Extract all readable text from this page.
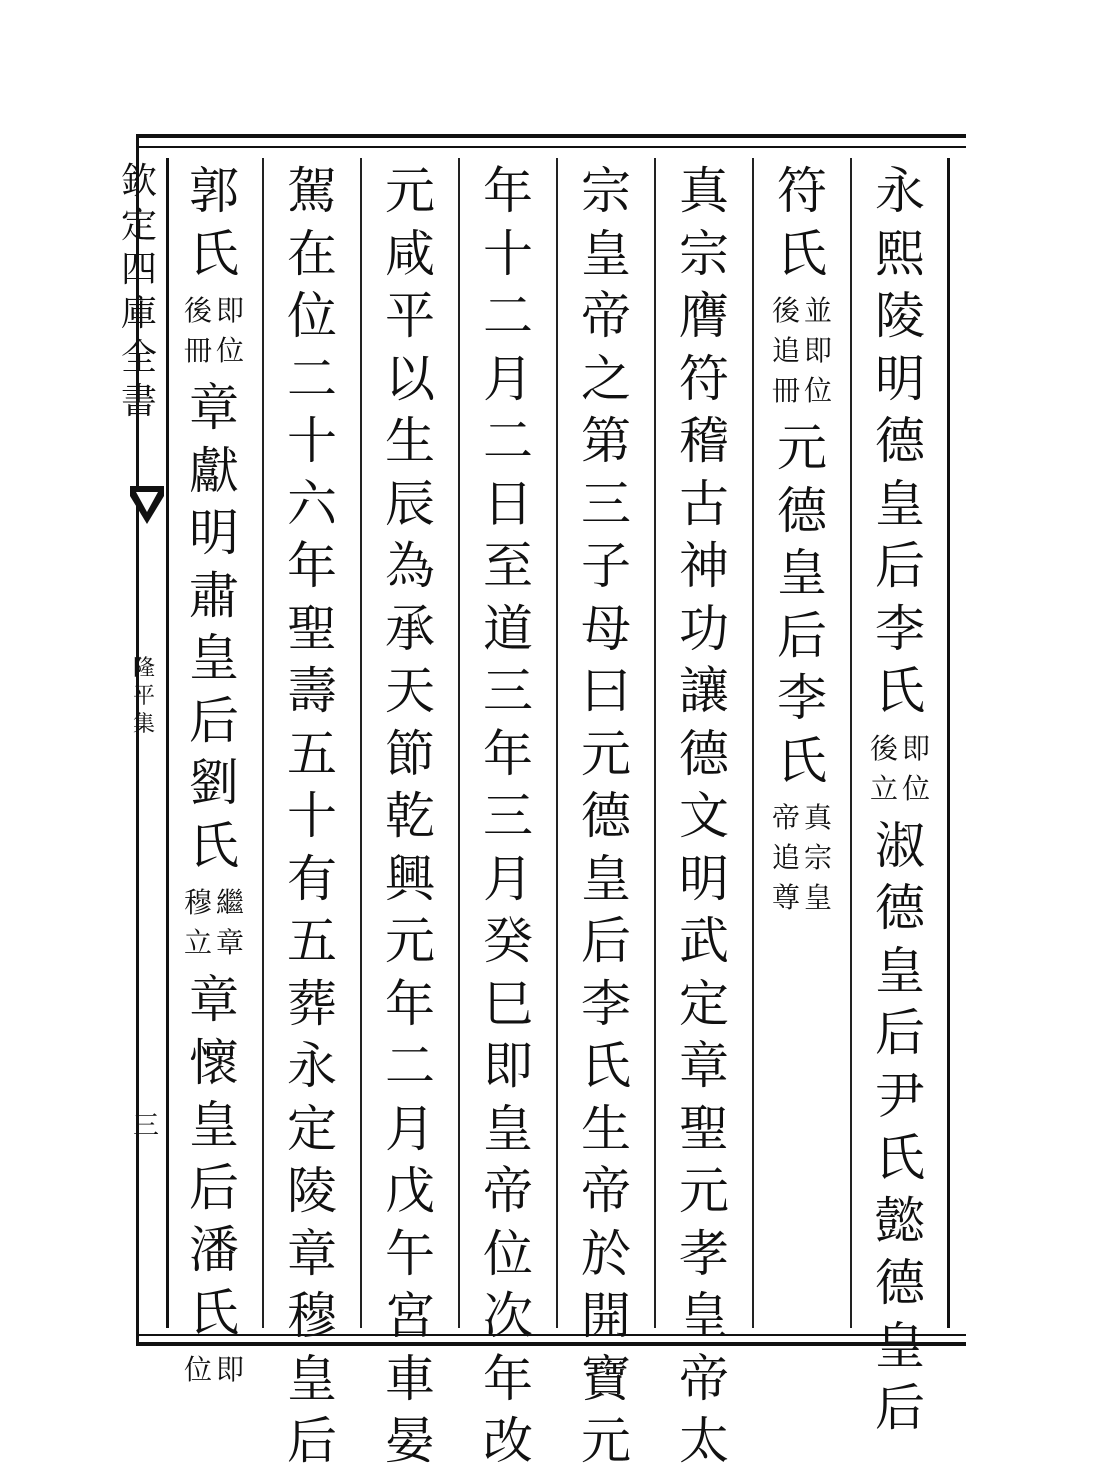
欽
定
四
庫
全
書
隆
平
集
三
永
熙
陵
明
德
皇
后
李
氏
即
位
後
立
淑
德
皇
后
尹
氏
懿
德
皇
后
符
氏
並
即
位
後
追
冊
元
德
皇
后
李
氏
真
宗
皇
帝
追
尊
真
宗
膺
符
稽
古
神
功
讓
德
文
明
武
定
章
聖
元
孝
皇
帝
太
宗
皇
帝
之
第
三
子
母
曰
元
德
皇
后
李
氏
生
帝
於
開
寶
元
年
十
二
月
二
日
至
道
三
年
三
月
癸
巳
即
皇
帝
位
次
年
改
元
咸
平
以
生
辰
為
承
天
節
乾
興
元
年
二
月
戊
午
宮
車
晏
駕
在
位
二
十
六
年
聖
壽
五
十
有
五
葬
永
定
陵
章
穆
皇
后
郭
氏
即
位
後
冊
章
獻
明
肅
皇
后
劉
氏
繼
章
穆
立
章
懷
皇
后
潘
氏
即
位
